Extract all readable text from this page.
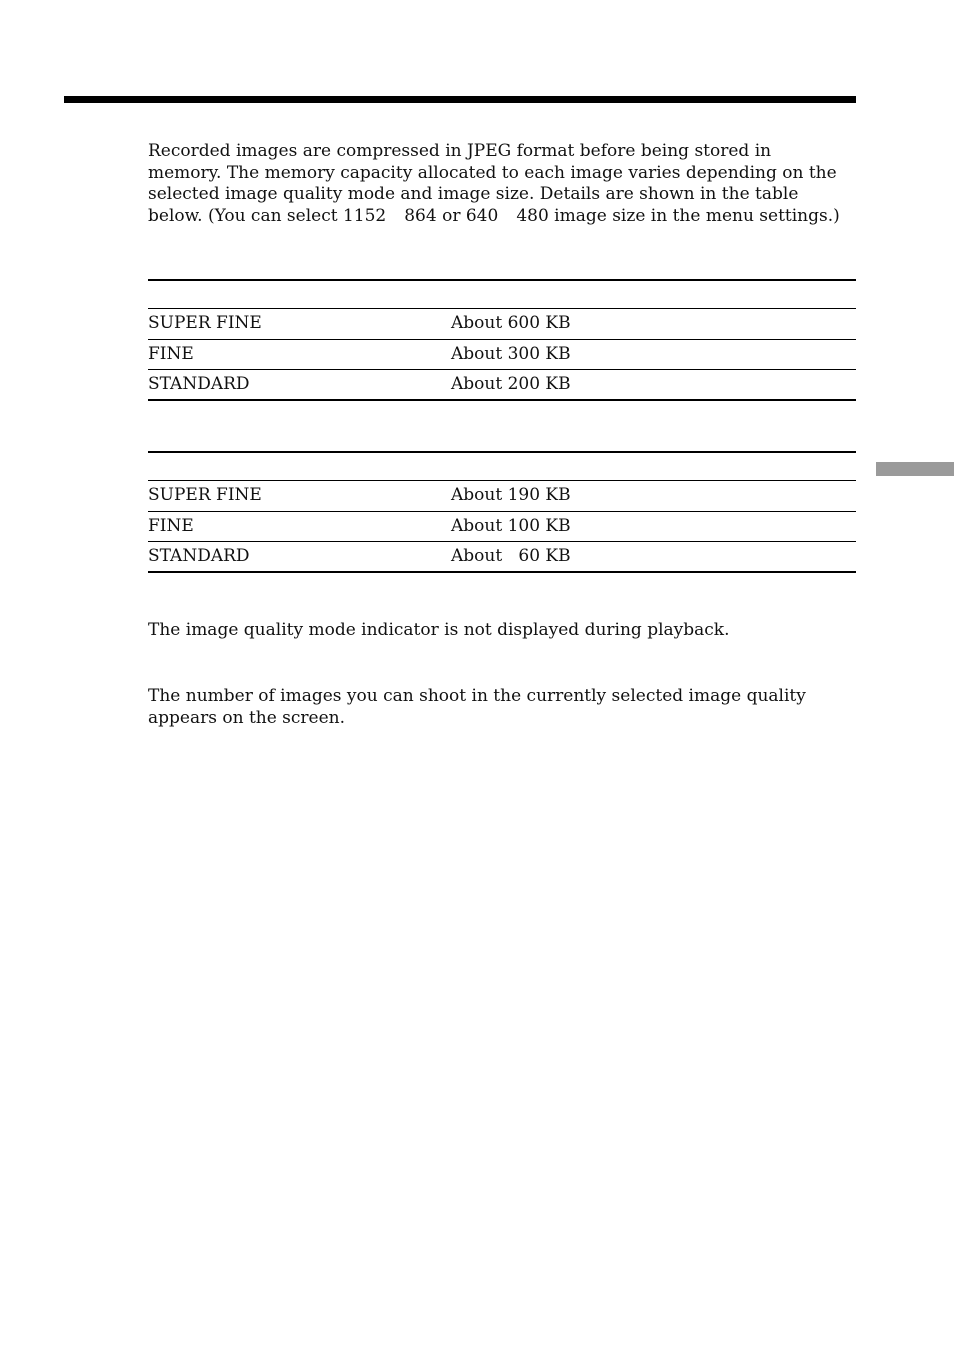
Recorded images are compressed in JPEG format before being stored in memory. The memory capacity allocated to each image varies depending on the selected image quality mode and image size. Details are shown in the table below. (You can select 1152 864 or 640 480 image size in the menu settings.)

SUPER FINE	About 600 KB
FINE	About 300 KB
STANDARD	About 200 KB
SUPER FINE	About 190 KB
FINE	About 100 KB
STANDARD	About   60 KB

The image quality mode indicator is not displayed during playback.

The number of images you can shoot in the currently selected image quality appears on the screen.
